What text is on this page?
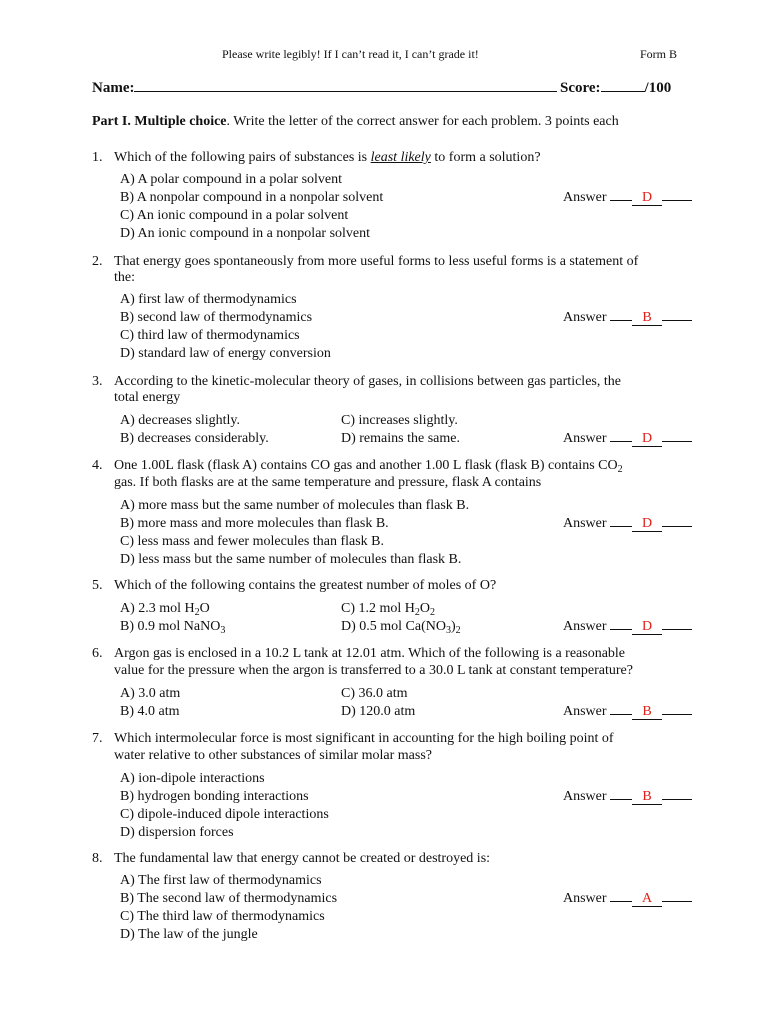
Please write legibly! If I can’t read it, I can’t grade it!	Form B
Name:	Score:	/100
Part I. Multiple choice. Write the letter of the correct answer for each problem. 3 points each
1. Which of the following pairs of substances is least likely to form a solution?
A) A polar compound in a polar solvent
B) A nonpolar compound in a nonpolar solvent
C) An ionic compound in a polar solvent
D) An ionic compound in a nonpolar solvent
Answer	D
2. That energy goes spontaneously from more useful forms to less useful forms is a statement of
the:
A) first law of thermodynamics
B) second law of thermodynamics
C) third law of thermodynamics
D) standard law of energy conversion
Answer	B
3. According to the kinetic-molecular theory of gases, in collisions between gas particles, the
total energy
A) decreases slightly.
B) decreases considerably.
C) increases slightly.
D) remains the same.	Answer	D
4. One 1.00L flask (flask A) contains CO gas and another 1.00 L flask (flask B) contains $CO_2$
gas. If both flasks are at the same temperature and pressure, flask A contains
A) more mass but the same number of molecules than flask B.
B) more mass and more molecules than flask B.
C) less mass and fewer molecules than flask B.
D) less mass but the same number of molecules than flask B.
Answer	D
5. Which of the following contains the greatest number of moles of O?
A) 2.3 mol $H_2O$
B) 0.9 mol NaNO$_3$
C) 1.2 mol $H_2O_2$
D) 0.5 mol $Ca(NO_3)_2$	Answer	D
6. Argon gas is enclosed in a 10.2 L tank at 12.01 atm. Which of the following is a reasonable
value for the pressure when the argon is transferred to a 30.0 L tank at constant temperature?
A) 3.0 atm
B) 4.0 atm
C) 36.0 atm
D) 120.0 atm	Answer	B
7. Which intermolecular force is most significant in accounting for the high boiling point of
water relative to other substances of similar molar mass?
A) ion-dipole interactions
B) hydrogen bonding interactions
C) dipole-induced dipole interactions
D) dispersion forces
Answer	B
8. The fundamental law that energy cannot be created or destroyed is:
A) The first law of thermodynamics
B) The second law of thermodynamics
C) The third law of thermodynamics
D) The law of the jungle
Answer	A
